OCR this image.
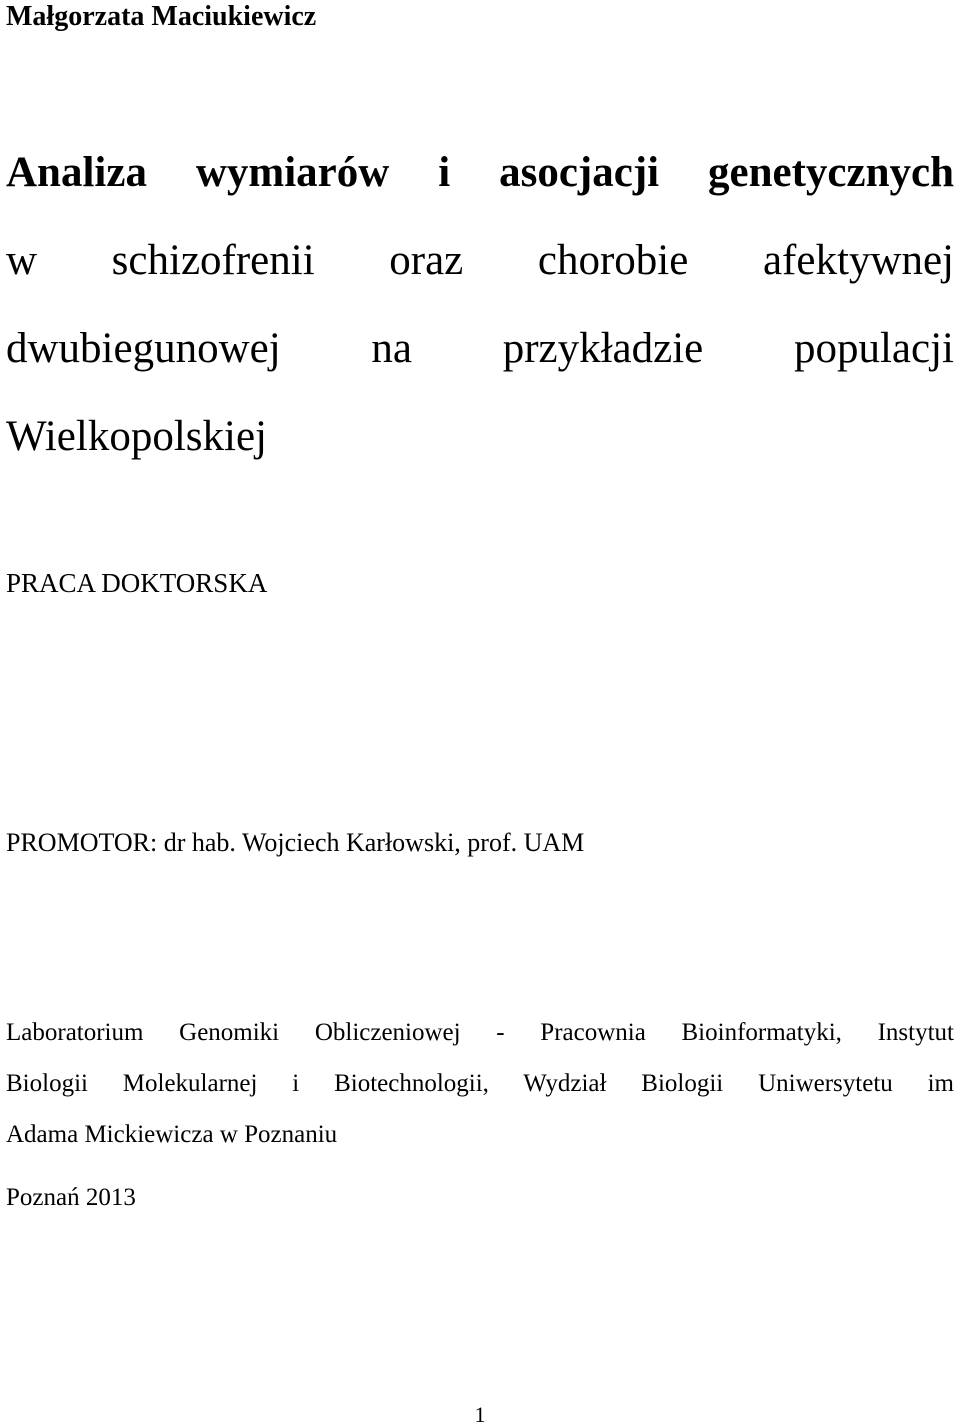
Małgorzata Maciukiewicz
Analiza wymiarów i asocjacji genetycznych
w schizofrenii oraz chorobie afektywnej
dwubiegunowej na przykładzie populacji
Wielkopolskiej
PRACA DOKTORSKA
PROMOTOR: dr hab. Wojciech Karłowski, prof. UAM
Laboratorium Genomiki Obliczeniowej - Pracownia Bioinformatyki, Instytut
Biologii Molekularnej i Biotechnologii, Wydział Biologii Uniwersytetu im
Adama Mickiewicza w Poznaniu
Poznań 2013
1
